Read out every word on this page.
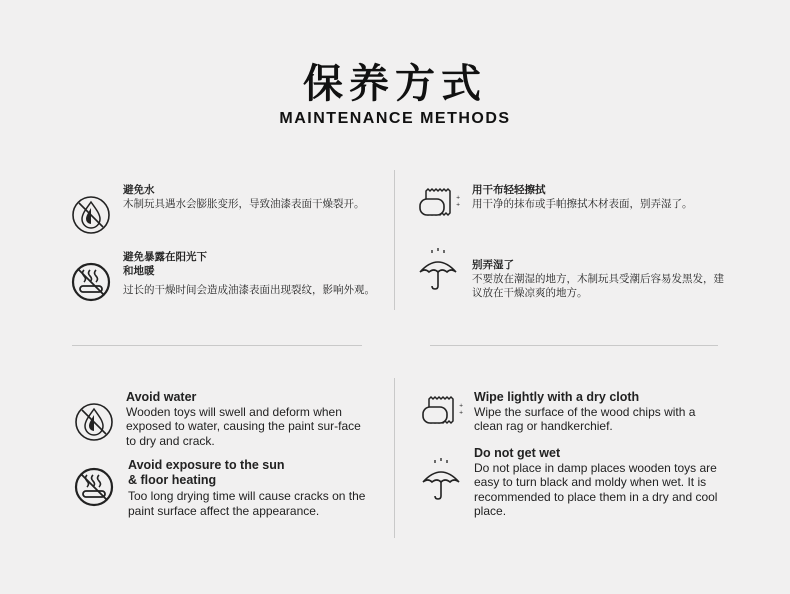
保养方式
MAINTENANCE METHODS
避免水
木制玩具遇水会膨胀变形，导致油漆表面干燥裂开。
避免暴露在阳光下
和地暖
过长的干燥时间会造成油漆表面出现裂纹，影响外观。
用干布轻轻擦拭
用干净的抹布或手帕擦拭木材表面，别弄湿了。
别弄湿了
不要放在潮湿的地方，木制玩具受潮后容易发黑发，建议放在干燥凉爽的地方。
Avoid water
Wooden toys will swell and deform when exposed to water, causing the paint sur-face to dry and crack.
Avoid exposure to the sun
& floor heating
Too long drying time will cause cracks on the paint surface affect the appearance.
Wipe lightly with a dry cloth
Wipe the surface of the wood chips with a clean rag or handkerchief.
Do not get wet
Do not place in damp places wooden toys are easy to turn black and moldy when wet. It is recommended to place them in a dry and cool place.
